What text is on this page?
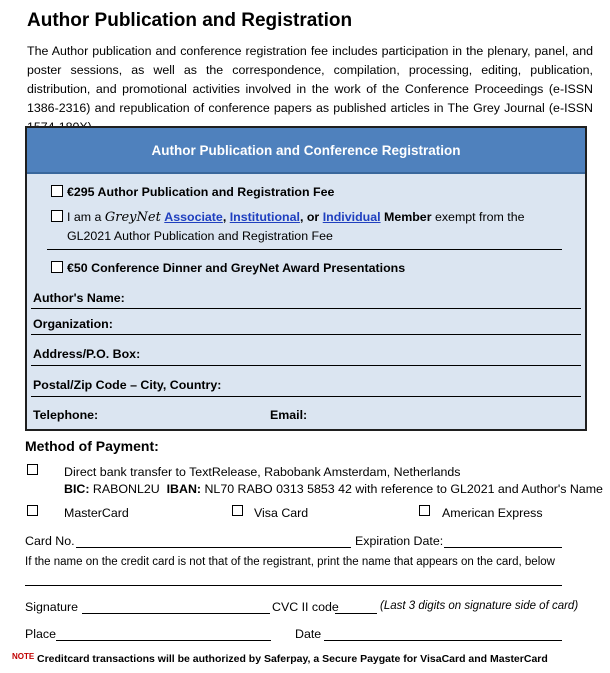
Author Publication and Registration
The Author publication and conference registration fee includes participation in the plenary, panel, and poster sessions, as well as the correspondence, compilation, processing, editing, publication, distribution, and promotional activities involved in the work of the Conference Proceedings (e-ISSN 1386-2316) and republication of conference papers as published articles in The Grey Journal (e-ISSN
Author Publication and Conference Registration
€295 Author Publication and Registration Fee
I am a GreyNet Associate, Institutional, or Individual Member exempt from the
GL2021 Author Publication and Registration Fee
€50 Conference Dinner and GreyNet Award Presentations
Author's Name:
Organization:
Address/P.O. Box:
Postal/Zip Code – City, Country:
Telephone:	Email:
Method of Payment:
Direct bank transfer to TextRelease, Rabobank Amsterdam, Netherlands
BIC: RABONL2U IBAN: NL70 RABO 0313 5853 42 with reference to GL2021 and Author's Name
MasterCard	Visa Card	American Express
Card No.	Expiration Date:
If the name on the credit card is not that of the registrant, print the name that appears on the card, below
Signature	CVC II code	(Last 3 digits on signature side of card)
Place	Date
NOTE Creditcard transactions will be authorized by Saferpay, a Secure Paygate for VisaCard and MasterCard
